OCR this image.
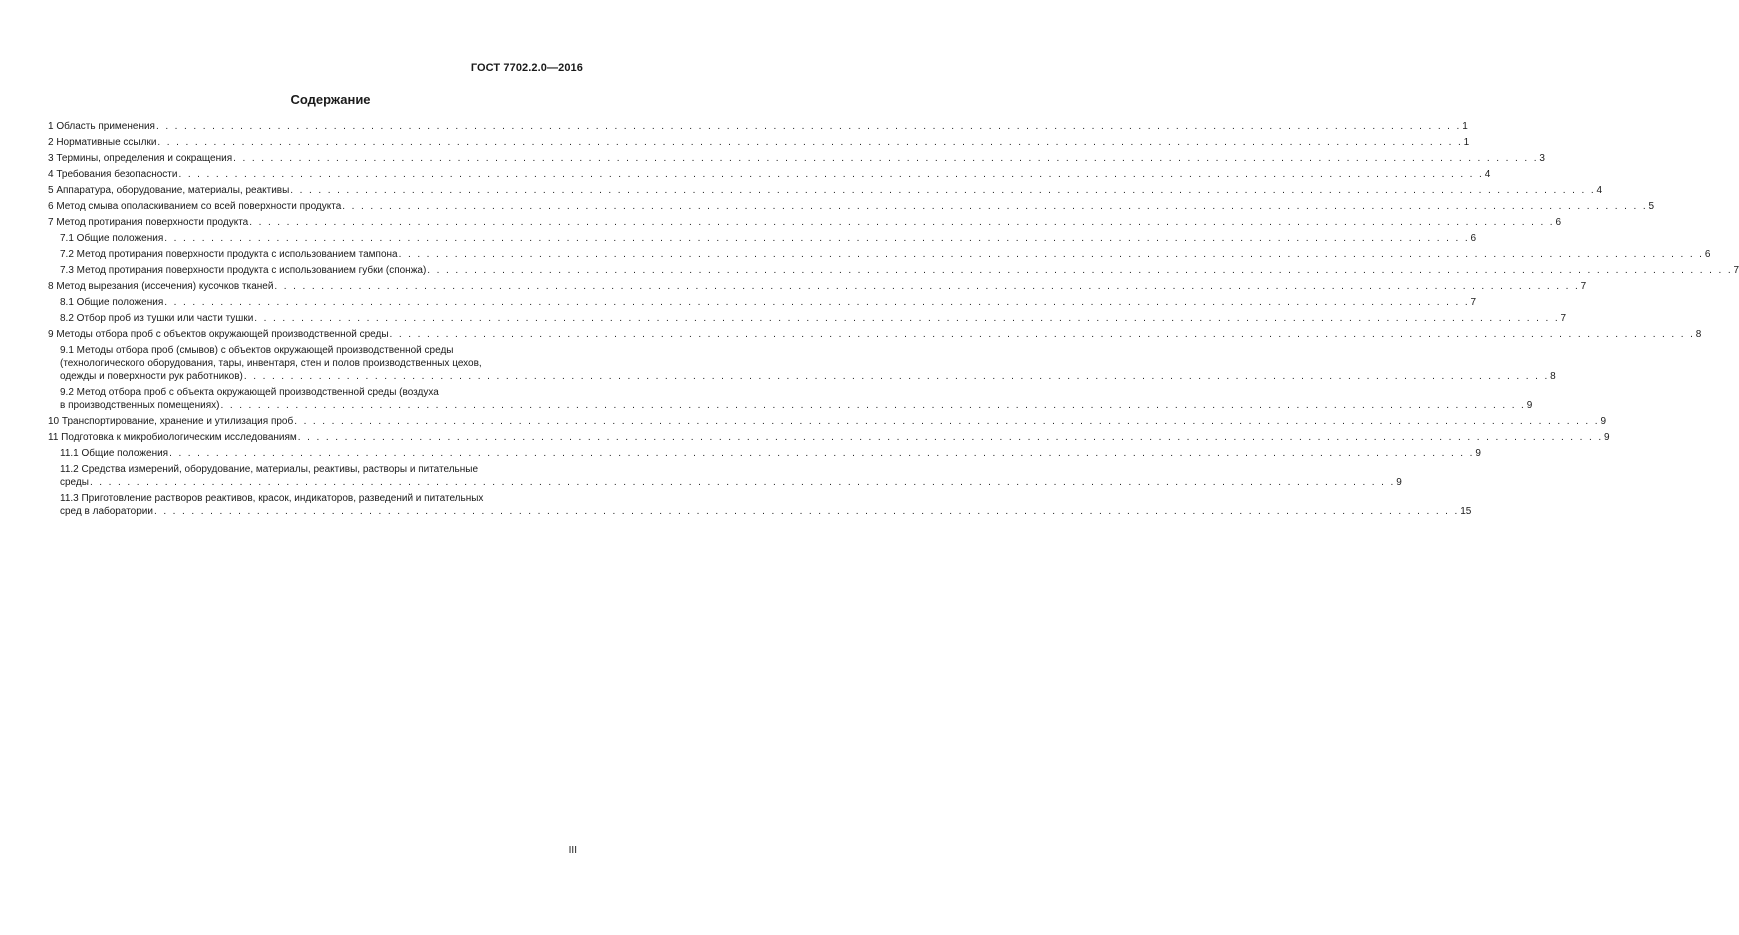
ГОСТ 7702.2.0—2016
Содержание
1 Область применения . . . . . . . . . . . . . . . . . . . . . . . . . . . . . . . . . . . . . . . . . . . . . . . . . . . . . . . . . . . . . . . . . . . . . . . . . . . . . . . . . . . . . . . . . . . . . . . . . . . . . . . . . . . . . . . . . . . . . . . . . . . . . . . . . . . . . . . . . . . . 1
2 Нормативные ссылки . . . . . . . . . . . . . . . . . . . . . . . . . . . . . . . . . . . . . . . . . . . . . . . . . . . . . . . . . . . . . . . . . . . . . . . . . . . . . . . . . . . . . . . . . . . . . . . . . . . . . . . . . . . . . . . . . . . . . . . . . . . . . . . . . . . . . . . . . . . . 1
3 Термины, определения и сокращения . . . . . . . . . . . . . . . . . . . . . . . . . . . . . . . . . . . . . . . . . . . . . . . . . . . . . . . . . . . . . . . . . . . . . . . . . . . . . . . . . . . . . . . . . . . . . . . . . . . . . . . . . . . . . . . . . . . . . . . . . . . . . . . . . . . . . . . . . . . . 3
4 Требования безопасности . . . . . . . . . . . . . . . . . . . . . . . . . . . . . . . . . . . . . . . . . . . . . . . . . . . . . . . . . . . . . . . . . . . . . . . . . . . . . . . . . . . . . . . . . . . . . . . . . . . . . . . . . . . . . . . . . . . . . . . . . . . . . . . . . . . . . . . . . . . . 4
5 Аппаратура, оборудование, материалы, реактивы . . . . . . . . . . . . . . . . . . . . . . . . . . . . . . . . . . . . . . . . . . . . . . . . . . . . . . . . . . . . . . . . . . . . . . . . . . . . . . . . . . . . . . . . . . . . . . . . . . . . . . . . . . . . . . . . . . . . . . . . . . . . . . . . . . . . . . . . . . . . 4
6 Метод смыва ополаскиванием со всей поверхности продукта . . . . . . . . . . . . . . . . . . . . . . . . . . . . . . . . . . . . . . . . . . . . . . . . . . . . . . . . . . . . . . . . . . . . . . . . . . . . . . . . . . . . . . . . . . . . . . . . . . . . . . . . . . . . . . . . . . . . . . . . . . . . . . . . . . . . . . . . . . . . 5
7 Метод протирания поверхности продукта . . . . . . . . . . . . . . . . . . . . . . . . . . . . . . . . . . . . . . . . . . . . . . . . . . . . . . . . . . . . . . . . . . . . . . . . . . . . . . . . . . . . . . . . . . . . . . . . . . . . . . . . . . . . . . . . . . . . . . . . . . . . . . . . . . . . . . . . . . . . 6
7.1 Общие положения . . . . . . . . . . . . . . . . . . . . . . . . . . . . . . . . . . . . . . . . . . . . . . . . . . . . . . . . . . . . . . . . . . . . . . . . . . . . . . . . . . . . . . . . . . . . . . . . . . . . . . . . . . . . . . . . . . . . . . . . . . . . . . . . . . . . . . . . . . . . 6
7.2 Метод протирания поверхности продукта с использованием тампона . . . . . . . . . . . . . . . . . . . . . . . . . . . . . . . . . . . . . . . . . . . . . . . . . . . . . . . . . . . . . . . . . . . . . . . . . . . . . . . . . . . . . . . . . . . . . . . . . . . . . . . . . . . . . . . . . . . . . . . . . . . . . . . . . . . . . . . . . . . . 6
7.3 Метод протирания поверхности продукта с использованием губки (спонжа) . . . . . . . . . . . . . . . . . . . . . . . . . . . . . . . . . . . . . . . . . . . . . . . . . . . . . . . . . . . . . . . . . . . . . . . . . . . . . . . . . . . . . . . . . . . . . . . . . . . . . . . . . . . . . . . . . . . . . . . . . . . . . . . . . . . . . . . . . . . . 7
8 Метод вырезания (иссечения) кусочков тканей . . . . . . . . . . . . . . . . . . . . . . . . . . . . . . . . . . . . . . . . . . . . . . . . . . . . . . . . . . . . . . . . . . . . . . . . . . . . . . . . . . . . . . . . . . . . . . . . . . . . . . . . . . . . . . . . . . . . . . . . . . . . . . . . . . . . . . . . . . . . 7
8.1 Общие положения . . . . . . . . . . . . . . . . . . . . . . . . . . . . . . . . . . . . . . . . . . . . . . . . . . . . . . . . . . . . . . . . . . . . . . . . . . . . . . . . . . . . . . . . . . . . . . . . . . . . . . . . . . . . . . . . . . . . . . . . . . . . . . . . . . . . . . . . . . . . 7
8.2 Отбор проб из тушки или части тушки . . . . . . . . . . . . . . . . . . . . . . . . . . . . . . . . . . . . . . . . . . . . . . . . . . . . . . . . . . . . . . . . . . . . . . . . . . . . . . . . . . . . . . . . . . . . . . . . . . . . . . . . . . . . . . . . . . . . . . . . . . . . . . . . . . . . . . . . . . . . 7
9 Методы отбора проб с объектов окружающей производственной среды . . . . . . . . . . . . . . . . . . . . . . . . . . . . . . . . . . . . . . . . . . . . . . . . . . . . . . . . . . . . . . . . . . . . . . . . . . . . . . . . . . . . . . . . . . . . . . . . . . . . . . . . . . . . . . . . . . . . . . . . . . . . . . . . . . . . . . . . . . . . 8
9.1 Методы отбора проб (смывов) с объектов окружающей производственной среды
(технологического оборудования, тары, инвентаря, стен и полов производственных цехов,
одежды и поверхности рук работников) . . . . . . . . . . . . . . . . . . . . . . . . . . . . . . . . . . . . . . . . . . . . . . . . . . . . . . . . . . . . . . . . . . . . . . . . . . . . . . . . . . . . . . . . . . . . . . . . . . . . . . . . . . . . . . . . . . . . . . . . . . . . . . . . . . . . . . . . . . . . 8
9.2 Метод отбора проб с объекта окружающей производственной среды (воздуха
в производственных помещениях) . . . . . . . . . . . . . . . . . . . . . . . . . . . . . . . . . . . . . . . . . . . . . . . . . . . . . . . . . . . . . . . . . . . . . . . . . . . . . . . . . . . . . . . . . . . . . . . . . . . . . . . . . . . . . . . . . . . . . . . . . . . . . . . . . . . . . . . . . . . . 9
10 Транспортирование, хранение и утилизация проб . . . . . . . . . . . . . . . . . . . . . . . . . . . . . . . . . . . . . . . . . . . . . . . . . . . . . . . . . . . . . . . . . . . . . . . . . . . . . . . . . . . . . . . . . . . . . . . . . . . . . . . . . . . . . . . . . . . . . . . . . . . . . . . . . . . . . . . . . . . . 9
11 Подготовка к микробиологическим исследованиям . . . . . . . . . . . . . . . . . . . . . . . . . . . . . . . . . . . . . . . . . . . . . . . . . . . . . . . . . . . . . . . . . . . . . . . . . . . . . . . . . . . . . . . . . . . . . . . . . . . . . . . . . . . . . . . . . . . . . . . . . . . . . . . . . . . . . . . . . . . . 9
11.1 Общие положения . . . . . . . . . . . . . . . . . . . . . . . . . . . . . . . . . . . . . . . . . . . . . . . . . . . . . . . . . . . . . . . . . . . . . . . . . . . . . . . . . . . . . . . . . . . . . . . . . . . . . . . . . . . . . . . . . . . . . . . . . . . . . . . . . . . . . . . . . . . . 9
11.2 Средства измерений, оборудование, материалы, реактивы, растворы и питательные
среды . . . . . . . . . . . . . . . . . . . . . . . . . . . . . . . . . . . . . . . . . . . . . . . . . . . . . . . . . . . . . . . . . . . . . . . . . . . . . . . . . . . . . . . . . . . . . . . . . . . . . . . . . . . . . . . . . . . . . . . . . . . . . . . . . . . . . . . . . . . . 9
11.3 Приготовление растворов реактивов, красок, индикаторов, разведений и питательных
сред в лаборатории . . . . . . . . . . . . . . . . . . . . . . . . . . . . . . . . . . . . . . . . . . . . . . . . . . . . . . . . . . . . . . . . . . . . . . . . . . . . . . . . . . . . . . . . . . . . . . . . . . . . . . . . . . . . . . . . . . . . . . . . . . . . . . . . . . . . . . . . . . . . 15
III
